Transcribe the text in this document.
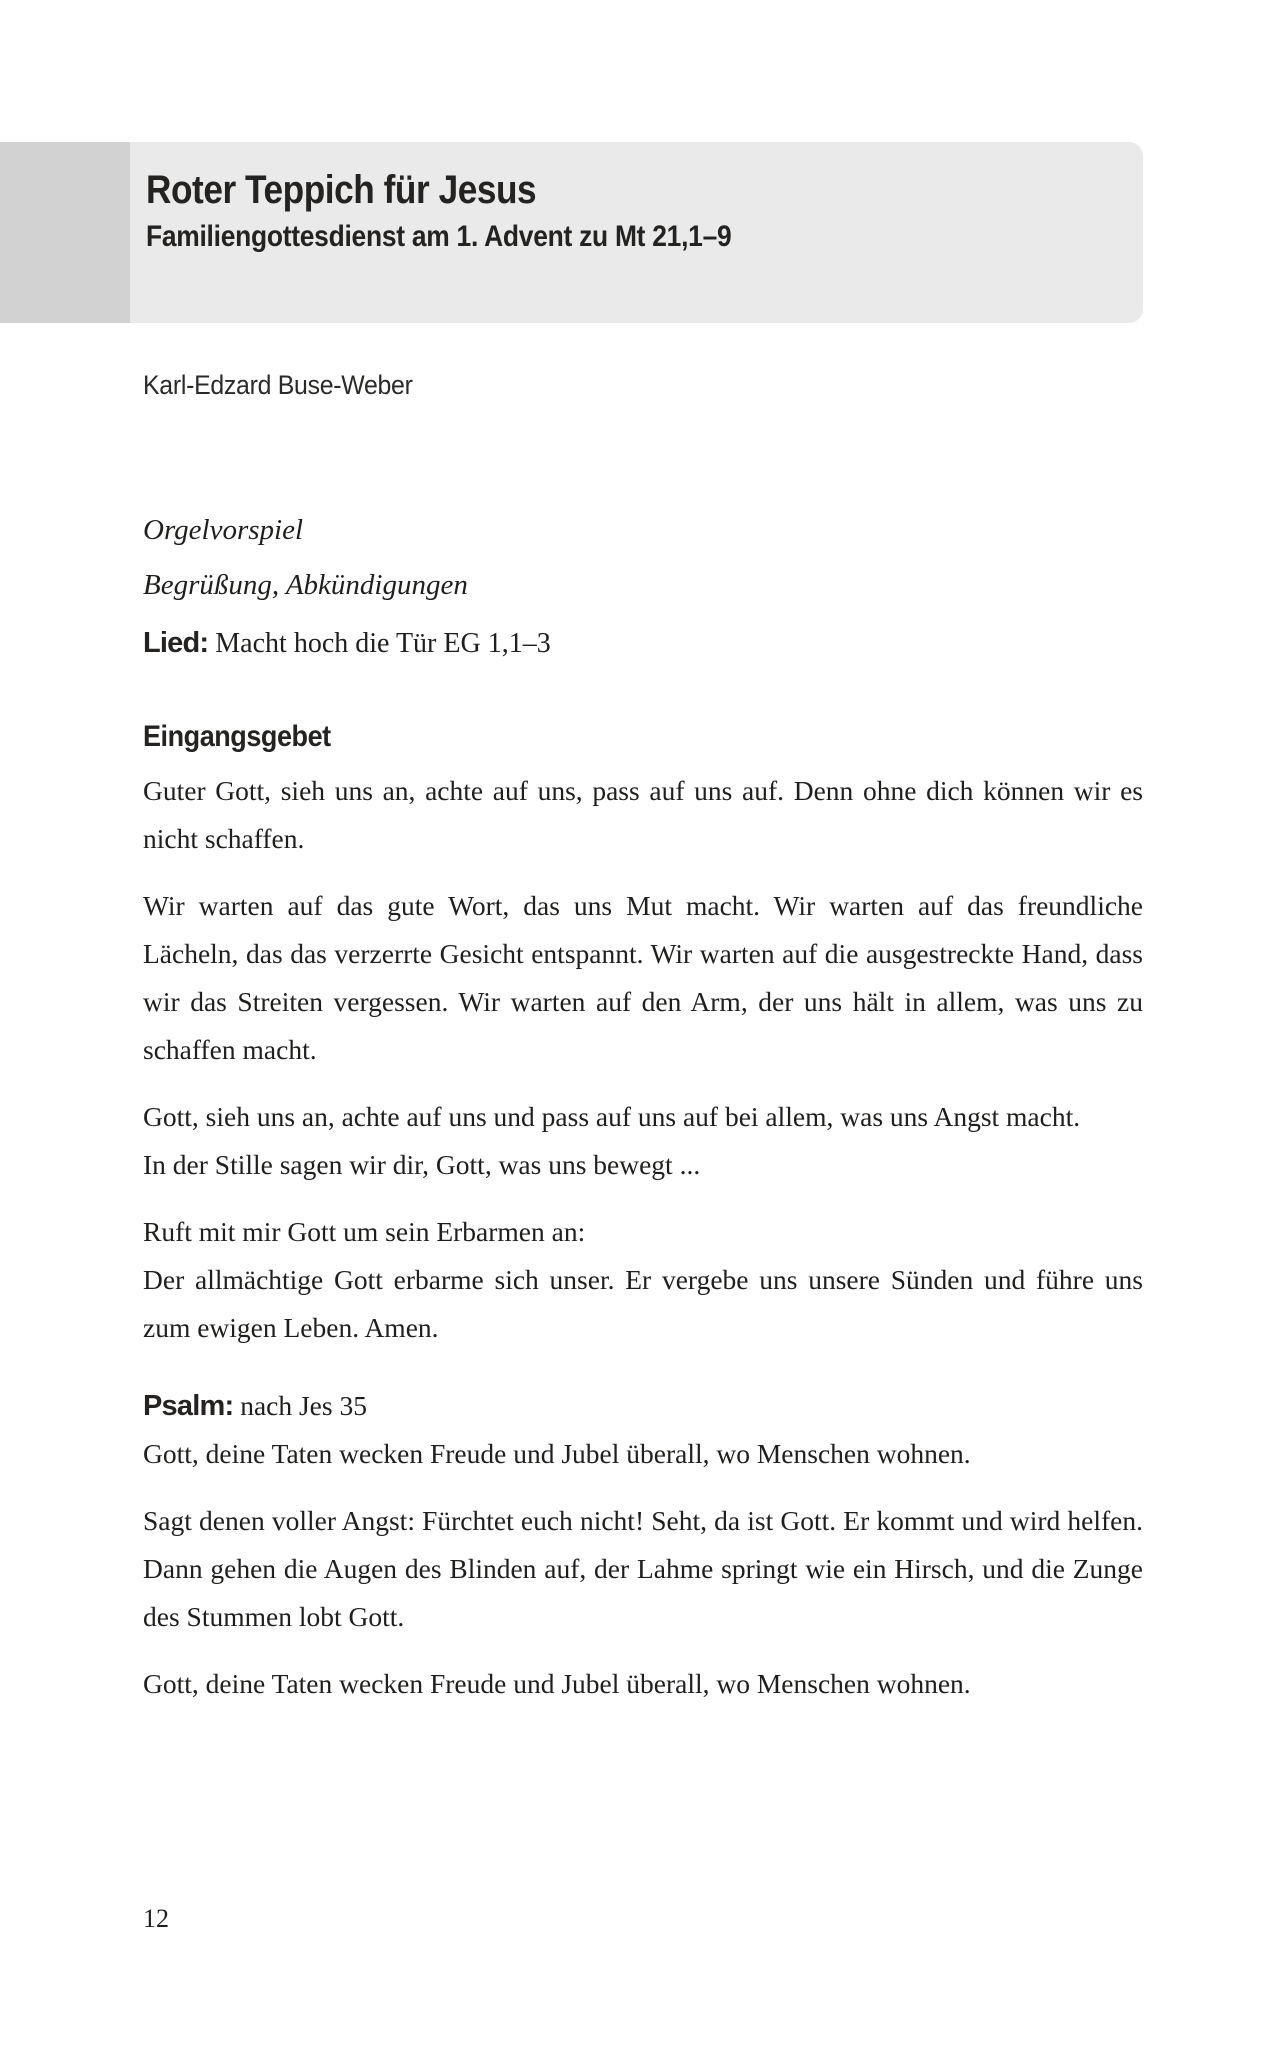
Roter Teppich für Jesus
Familiengottesdienst am 1. Advent zu Mt 21,1–9
Karl-Edzard Buse-Weber
Orgelvorspiel
Begrüßung, Abkündigungen
Lied: Macht hoch die Tür EG 1,1–3
Eingangsgebet
Guter Gott, sieh uns an, achte auf uns, pass auf uns auf. Denn ohne dich können wir es nicht schaffen.
Wir warten auf das gute Wort, das uns Mut macht. Wir warten auf das freundliche Lächeln, das das verzerrte Gesicht entspannt. Wir warten auf die ausgestreckte Hand, dass wir das Streiten vergessen. Wir warten auf den Arm, der uns hält in allem, was uns zu schaffen macht.
Gott, sieh uns an, achte auf uns und pass auf uns auf bei allem, was uns Angst macht.
In der Stille sagen wir dir, Gott, was uns bewegt ...
Ruft mit mir Gott um sein Erbarmen an:
Der allmächtige Gott erbarme sich unser. Er vergebe uns unsere Sünden und führe uns zum ewigen Leben. Amen.
Psalm: nach Jes 35
Gott, deine Taten wecken Freude und Jubel überall, wo Menschen wohnen.
Sagt denen voller Angst: Fürchtet euch nicht! Seht, da ist Gott. Er kommt und wird helfen. Dann gehen die Augen des Blinden auf, der Lahme springt wie ein Hirsch, und die Zunge des Stummen lobt Gott.
Gott, deine Taten wecken Freude und Jubel überall, wo Menschen wohnen.
12
